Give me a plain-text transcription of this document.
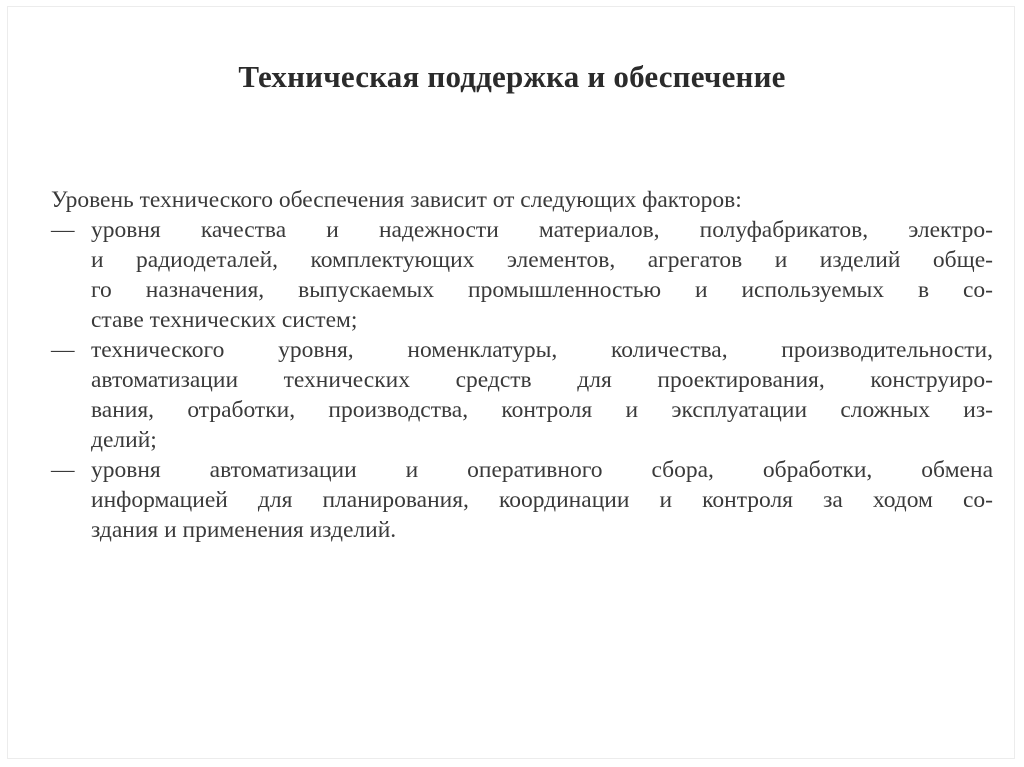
Техническая поддержка и обеспечение
Уровень технического обеспечения зависит от следующих факторов:
— уровня качества и надежности материалов, полуфабрикатов, электро-
и радиодеталей, комплектующих элементов, агрегатов и изделий обще-
го назначения, выпускаемых промышленностью и используемых в со-
ставе технических систем;
— технического уровня, номенклатуры, количества, производительности,
автоматизации технических средств для проектирования, конструиро-
вания, отработки, производства, контроля и эксплуатации сложных из-
делий;
— уровня автоматизации и оперативного сбора, обработки, обмена
информацией для планирования, координации и контроля за ходом со-
здания и применения изделий.
